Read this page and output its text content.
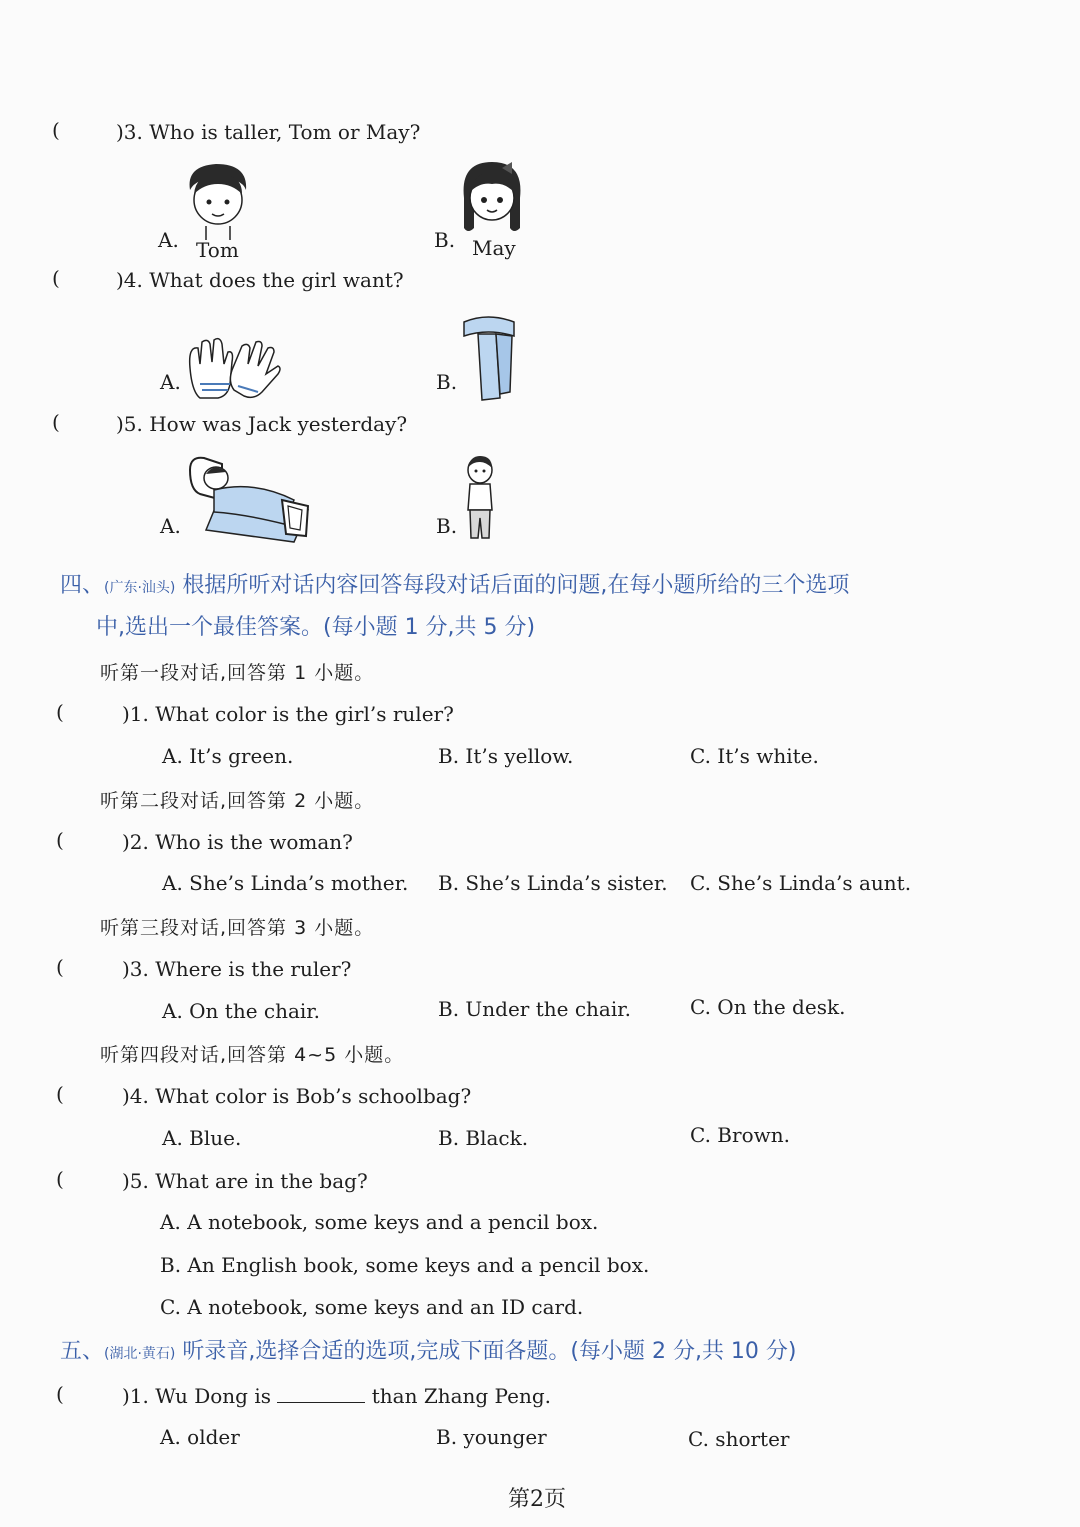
(	)3. Who is taller, Tom or May?
A. Tom	B. May
(	)4. What does the girl want?
A.	B.
(	)5. How was Jack yesterday?
A.	B.
四、(广东·汕头) 根据所听对话内容回答每段对话后面的问题,在每小题所给的三个选项
中,选出一个最佳答案。(每小题 1 分,共 5 分)
听第一段对话,回答第 1 小题。
(	)1. What color is the girl’s ruler?
A. It’s green.	B. It’s yellow.	C. It’s white.
听第二段对话,回答第 2 小题。
(	)2. Who is the woman?
A. She’s Linda’s mother. B. She’s Linda’s sister. C. She’s Linda’s aunt.
听第三段对话,回答第 3 小题。
(	)3. Where is the ruler?
A. On the chair.	B. Under the chair.	C. On the desk.
听第四段对话,回答第 4~5 小题。
(	)4. What color is Bob’s schoolbag?
A. Blue.	B. Black.	C. Brown.
(	)5. What are in the bag?
A. A notebook, some keys and a pencil box.
B. An English book, some keys and a pencil box.
C. A notebook, some keys and an ID card.
五、(湖北·黄石) 听录音,选择合适的选项,完成下面各题。(每小题 2 分,共 10 分)
(	)1. Wu Dong is	than Zhang Peng.
A. older	B. younger	C. shorter
第2页
